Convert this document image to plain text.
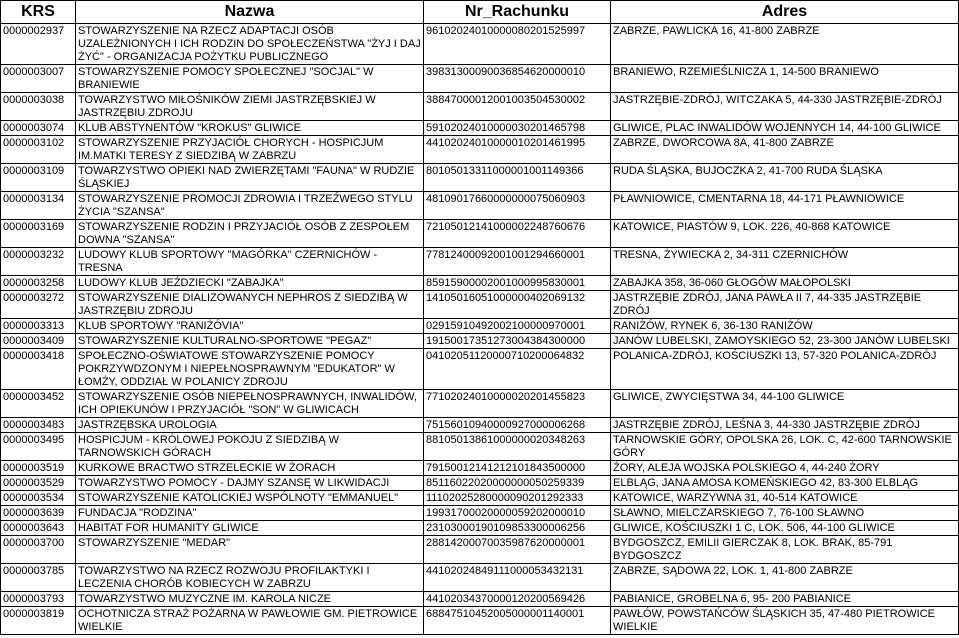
KRS	Nazwa	Nr_Rachunku	Adres
0000002937	STOWARZYSZENIE NA RZECZ ADAPTACJI OSÓB UZALEŻNIONYCH I ICH RODZIN DO SPOŁECZEŃSTWA "ŻYJ I DAJ ŻYĆ" - ORGANIZACJA POŻYTKU PUBLICZNEGO	96102024010000080201525997	ZABRZE, PAWLICKA 16, 41-800 ZABRZE
0000003007	STOWARZYSZENIE POMOCY SPOŁECZNEJ "SOCJAL" W BRANIEWIE	39831300090036854620000010	BRANIEWO, RZEMIEŚLNICZA 1, 14-500 BRANIEWO
0000003038	TOWARZYSTWO MIŁOŚNIKÓW ZIEMI JASTRZĘBSKIEJ W JASTRZĘBIU ZDROJU	38847000012001003504530002	JASTRZĘBIE-ZDRÓJ, WITCZAKA 5, 44-330 JASTRZĘBIE-ZDRÓJ
0000003074	KLUB ABSTYNENTÓW "KROKUS" GLIWICE	59102024010000030201465798	GLIWICE, PLAC INWALIDÓW WOJENNYCH 14, 44-100 GLIWICE
0000003102	STOWARZYSZENIE PRZYJACIÓŁ CHORYCH - HOSPICJUM IM.MATKI TERESY Z SIEDZIBĄ W ZABRZU	44102024010000010201461995	ZABRZE, DWORCOWA 8A, 41-800 ZABRZE
0000003109	TOWARZYSTWO OPIEKI NAD ZWIERZĘTAMI "FAUNA" W RUDZIE ŚLĄSKIEJ	80105013311000001001149366	RUDA ŚLĄSKA, BUJOCZKA 2, 41-700 RUDA ŚLĄSKA
0000003134	STOWARZYSZENIE PROMOCJI ZDROWIA I TRZEŹWEGO STYLU ŻYCIA "SZANSA"	48109017660000000075060903	PŁAWNIOWICE, CMENTARNA 18, 44-171 PŁAWNIOWICE
0000003169	STOWARZYSZENIE RODZIN I PRZYJACIÓŁ OSÓB Z ZESPOŁEM DOWNA "SZANSA"	72105012141000002248760676	KATOWICE, PIASTÓW 9, LOK. 226, 40-868 KATOWICE
0000003232	LUDOWY KLUB SPORTOWY "MAGÓRKA" CZERNICHÓW - TRESNA	77812400092001001294660001	TRESNA, ŻYWIECKA 2, 34-311 CZERNICHÓW
0000003258	LUDOWY KLUB JEŹDZIECKI "ZABAJKA"	85915900002001000995830001	ZABAJKA 358, 36-060 GŁOGÓW MAŁOPOLSKI
0000003272	STOWARZYSZENIE DIALIZOWANYCH NEPHROS Z SIEDZIBĄ W JASTRZĘBIU ZDROJU	14105016051000000402069132	JASTRZĘBIE ZDRÓJ, JANA PAWŁA II 7, 44-335 JASTRZĘBIE ZDRÓJ
0000003313	KLUB SPORTOWY "RANIŻÓVIA"	02915910492002100000970001	RANIŻÓW, RYNEK 6, 36-130 RANIŻÓW
0000003409	STOWARZYSZENIE KULTURALNO-SPORTOWE "PEGAZ"	19150017351273004384300000	JANÓW LUBELSKI, ZAMOYSKIEGO 52, 23-300 JANÓW LUBELSKI
0000003418	SPOŁECZNO-OŚWIATOWE STOWARZYSZENIE POMOCY POKRZYWDZONYM I NIEPEŁNOSPRAWNYM "EDUKATOR" W ŁOMŻY, ODDZIAŁ W POLANICY ZDROJU	04102051120000710200064832	POLANICA-ZDRÓJ, KOŚCIUSZKI 13, 57-320 POLANICA-ZDRÓJ
0000003452	STOWARZYSZENIE OSÓB NIEPEŁNOSPRAWNYCH, INWALIDÓW, ICH OPIEKUNÓW I PRZYJACIÓŁ "SON" W GLIWICACH	77102024010000020201455823	GLIWICE, ZWYCIĘSTWA 34, 44-100 GLIWICE
0000003483	JASTRZĘBSKA UROLOGIA	75156010940000927000006268	JASTRZĘBIE ZDRÓJ, LEŚNA 3, 44-330 JASTRZĘBIE ZDRÓJ
0000003495	HOSPICJUM - KRÓLOWEJ POKOJU Z SIEDZIBĄ W TARNOWSKICH GÓRACH	88105013861000000020348263	TARNOWSKIE GÓRY, OPOLSKA 26, LOK. C, 42-600 TARNOWSKIE GÓRY
0000003519	KURKOWE BRACTWO STRZELECKIE W ŻORACH	79150012141212101843500000	ŻORY, ALEJA WOJSKA POLSKIEGO 4, 44-240 ŻORY
0000003529	TOWARZYSTWO POMOCY - DAJMY SZANSĘ W LIKWIDACJI	85116022020000000050259339	ELBLĄG, JANA AMOSA KOMEŃSKIEGO 42, 83-300 ELBLĄG
0000003534	STOWARZYSZENIE KATOLICKIEJ WSPÓLNOTY "EMMANUEL"	11102025280000090201292333	KATOWICE, WARZYWNA 31, 40-514 KATOWICE
0000003639	FUNDACJA "RODZINA"	19931700020000059202000010	SŁAWNO, MIELCZARSKIEGO 7, 76-100 SŁAWNO
0000003643	HABITAT FOR HUMANITY GLIWICE	23103000190109853300006256	GLIWICE, KOŚCIUSZKI 1 C, LOK. 506, 44-100 GLIWICE
0000003700	STOWARZYSZENIE "MEDAR"	28814200070035987620000001	BYDGOSZCZ, EMILII GIERCZAK 8, LOK. BRAK, 85-791 BYDGOSZCZ
0000003785	TOWARZYSTWO NA RZECZ ROZWOJU PROFILAKTYKI I LECZENIA CHORÓB KOBIECYCH W ZABRZU	44102024849111000053432131	ZABRZE, SĄDOWA 22, LOK. 1, 41-800 ZABRZE
0000003793	TOWARZYSTWO MUZYCZNE IM. KAROLA NICZE	44102034370000120200569426	PABIANICE, GROBELNA 6, 95- 200 PABIANICE
0000003819	OCHOTNICZA STRAŻ POŻARNA W PAWŁOWIE GM. PIETROWICE WIELKIE	68847510452005000001140001	PAWŁÓW, POWSTAŃCÓW ŚLĄSKICH 35, 47-480 PIETROWICE WIELKIE
